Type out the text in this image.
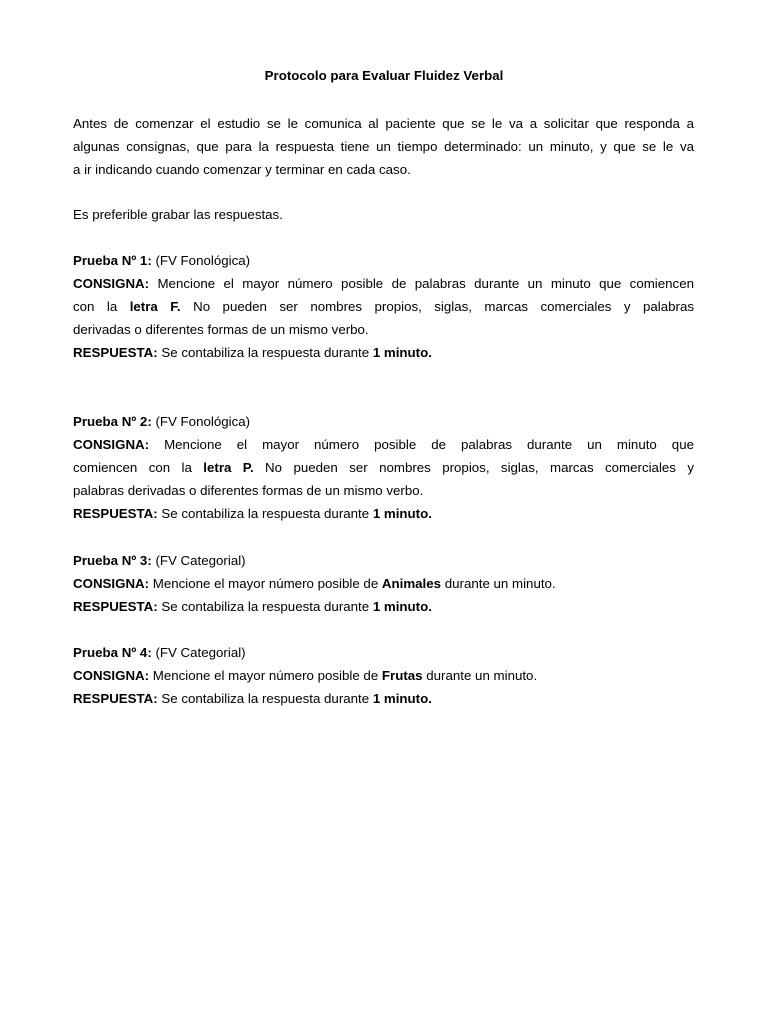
Protocolo para Evaluar Fluidez Verbal
Antes de comenzar el estudio se le comunica al paciente que se le va a solicitar que responda a
algunas consignas, que para la respuesta tiene un tiempo determinado: un minuto, y que se le va
a ir indicando cuando comenzar y terminar en cada caso.
Es preferible grabar las respuestas.
Prueba Nº 1: (FV Fonológica)
CONSIGNA: Mencione el mayor número posible de palabras durante un minuto que comiencen
con la letra F. No pueden ser nombres propios, siglas, marcas comerciales y palabras
derivadas o diferentes formas de un mismo verbo.
RESPUESTA: Se contabiliza la respuesta durante 1 minuto.
Prueba Nº 2: (FV Fonológica)
CONSIGNA: Mencione el mayor número posible de palabras durante un minuto que
comiencen con la letra P. No pueden ser nombres propios, siglas, marcas comerciales y
palabras derivadas o diferentes formas de un mismo verbo.
RESPUESTA: Se contabiliza la respuesta durante 1 minuto.
Prueba Nº 3: (FV Categorial)
CONSIGNA: Mencione el mayor número posible de Animales durante un minuto.
RESPUESTA: Se contabiliza la respuesta durante 1 minuto.
Prueba Nº 4: (FV Categorial)
CONSIGNA: Mencione el mayor número posible de Frutas durante un minuto.
RESPUESTA: Se contabiliza la respuesta durante 1 minuto.
